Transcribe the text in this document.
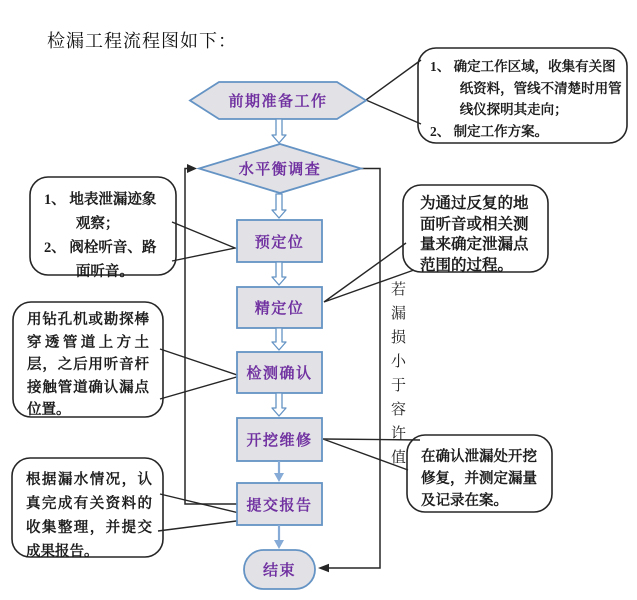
检漏工程流程图如下：
前期准备工作
水平衡调查
预定位
精定位
检测确认
开挖维修
提交报告
结束
若漏损小于容许值
1、 确定工作区域，收集有关图纸资料，管线不清楚时用管线仪探明其走向；
2、 制定工作方案。
1、 地表泄漏迹象观察；
2、 阀栓听音、路面听音。
为通过反复的地面听音或相关测量来确定泄漏点范围的过程。
用钻孔机或勘探棒穿透管道上方土层，之后用听音杆接触管道确认漏点位置。
根据漏水情况，认真完成有关资料的收集整理，并提交成果报告。
在确认泄漏处开挖修复，并测定漏量及记录在案。
